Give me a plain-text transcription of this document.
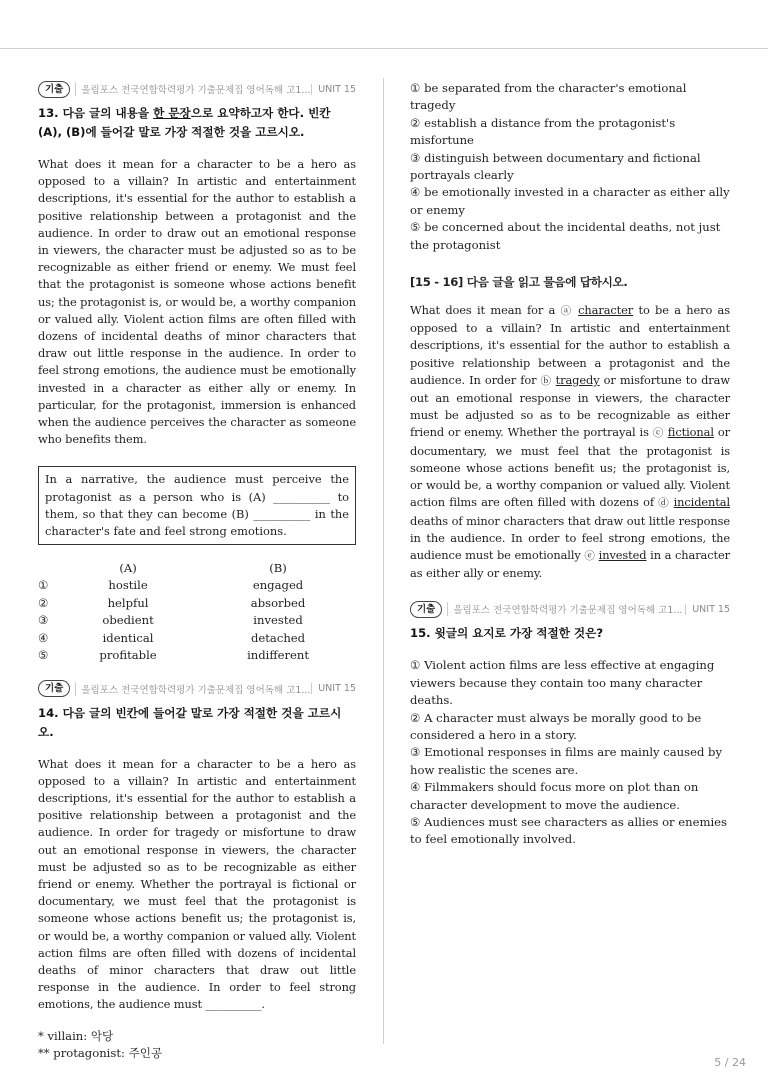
기출	올림포스 전국연합학력평가 기출문제집 영어독해 고1... UNIT 15
13. 다음 글의 내용을 한 문장으로 요약하고자 한다. 빈칸 (A), (B)에 들어갈 말로 가장 적절한 것을 고르시오.

What does it mean for a character to be a hero as opposed to a villain? In artistic and entertainment descriptions, it's essential for the author to establish a positive relationship between a protagonist and the audience. In order to draw out an emotional response in viewers, the character must be adjusted so as to be recognizable as either friend or enemy. We must feel that the protagonist is someone whose actions benefit us; the protagonist is, or would be, a worthy companion or valued ally. Violent action films are often filled with dozens of incidental deaths of minor characters that draw out little response in the audience. In order to feel strong emotions, the audience must be emotionally invested in a character as either ally or enemy. In particular, for the protagonist, immersion is enhanced when the audience perceives the character as someone who benefits them.

In a narrative, the audience must perceive the protagonist as a person who is (A) __________ to them, so that they can become (B) __________ in the character's fate and feel strong emotions.
	(A)	(B)
①	hostile	engaged
②	helpful	absorbed
③	obedient	invested
④	identical	detached
⑤	profitable	indifferent
기출	올림포스 전국연합학력평가 기출문제집 영어독해 고1... UNIT 15
14. 다음 글의 빈칸에 들어갈 말로 가장 적절한 것을 고르시오.

What does it mean for a character to be a hero as opposed to a villain? In artistic and entertainment descriptions, it's essential for the author to establish a positive relationship between a protagonist and the audience. In order for tragedy or misfortune to draw out an emotional response in viewers, the character must be adjusted so as to be recognizable as either friend or enemy. Whether the portrayal is fictional or documentary, we must feel that the protagonist is someone whose actions benefit us; the protagonist is, or would be, a worthy companion or valued ally. Violent action films are often filled with dozens of incidental deaths of minor characters that draw out little response in the audience. In order to feel strong emotions, the audience must __________.

* villain: 악당
** protagonist: 주인공
① be separated from the character's emotional tragedy
② establish a distance from the protagonist's misfortune
③ distinguish between documentary and fictional portrayals clearly
④ be emotionally invested in a character as either ally or enemy
⑤ be concerned about the incidental deaths, not just the protagonist
[15 - 16] 다음 글을 읽고 물음에 답하시오.

What does it mean for a ⓐ character to be a hero as opposed to a villain? In artistic and entertainment descriptions, it's essential for the author to establish a positive relationship between a protagonist and the audience. In order for ⓑ tragedy or misfortune to draw out an emotional response in viewers, the character must be adjusted so as to be recognizable as either friend or enemy. Whether the portrayal is ⓒ fictional or documentary, we must feel that the protagonist is someone whose actions benefit us; the protagonist is, or would be, a worthy companion or valued ally. Violent action films are often filled with dozens of ⓓ incidental deaths of minor characters that draw out little response in the audience. In order to feel strong emotions, the audience must be emotionally ⓔ invested in a character as either ally or enemy.

기출	올림포스 전국연합학력평가 기출문제집 영어독해 고1...	UNIT 15
15. 윗글의 요지로 가장 적절한 것은?
① Violent action films are less effective at engaging viewers because they contain too many character deaths.
② A character must always be morally good to be considered a hero in a story.
③ Emotional responses in films are mainly caused by how realistic the scenes are.
④ Filmmakers should focus more on plot than on character development to move the audience.
⑤ Audiences must see characters as allies or enemies to feel emotionally involved.
5 / 24
